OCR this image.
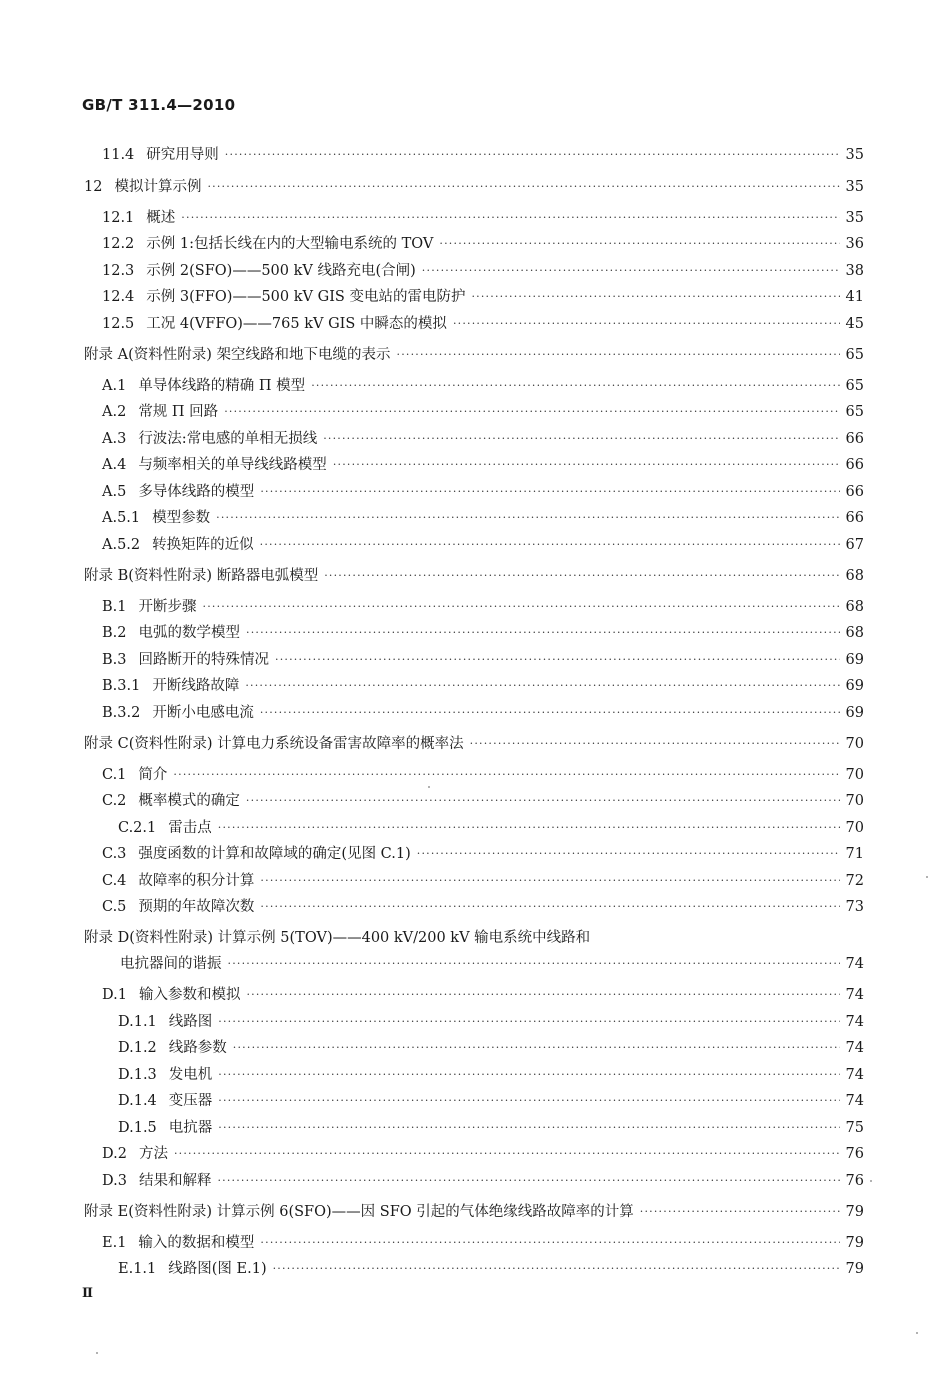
GB/T 311.4—2010
11.4 研究用导则 ·····	35
12 模拟计算示例 ·····	35
12.1 概述 ·····	35
12.2 示例 1:包括长线在内的大型输电系统的 TOV ·····	36
12.3 示例 2(SFO)——500 kV 线路充电(合闸) ·····	38
12.4 示例 3(FFO)——500 kV GIS 变电站的雷电防护 ·····	41
12.5 工况 4(VFFO)——765 kV GIS 中瞬态的模拟 ·····	45
附录 A (资料性附录) 架空线路和地下电缆的表示 ·····	65
A.1 单导体线路的精确 Π 模型 ·····	65
A.2 常规 Π 回路 ·····	65
A.3 行波法:常电感的单相无损线 ·····	66
A.4 与频率相关的单导线线路模型 ·····	66
A.5 多导体线路的模型 ·····	66
A.5.1 模型参数 ·····	66
A.5.2 转换矩阵的近似 ·····	67
附录 B (资料性附录) 断路器电弧模型 ·····	68
B.1 开断步骤 ·····	68
B.2 电弧的数学模型 ·····	68
B.3 回路断开的特殊情况 ·····	69
B.3.1 开断线路故障 ·····	69
B.3.2 开断小电感电流 ·····	69
附录 C (资料性附录) 计算电力系统设备雷害故障率的概率法 ·····	70
C.1 简介 ·····	70
C.2 概率模式的确定 ·····	70
C.2.1 雷击点 ·····	70
C.3 强度函数的计算和故障域的确定(见图 C.1) ·····	71
C.4 故障率的积分计算 ·····	72
C.5 预期的年故障次数 ·····	73
附录 D (资料性附录) 计算示例 5(TOV)——400 kV/200 kV 输电系统中线路和
电抗器间的谐振 ·····	74
D.1 输入参数和模拟 ·····	74
D.1.1 线路图 ·····	74
D.1.2 线路参数 ·····	74
D.1.3 发电机 ·····	74
D.1.4 变压器 ·····	74
D.1.5 电抗器 ·····	75
D.2 方法 ·····	76
D.3 结果和解释 ·····	76
附录 E (资料性附录) 计算示例 6(SFO)——因 SFO 引起的气体绝缘线路故障率的计算 ·····	79
E.1 输入的数据和模型 ·····	79
E.1.1 线路图(图 E.1) ·····	79
Ⅱ
